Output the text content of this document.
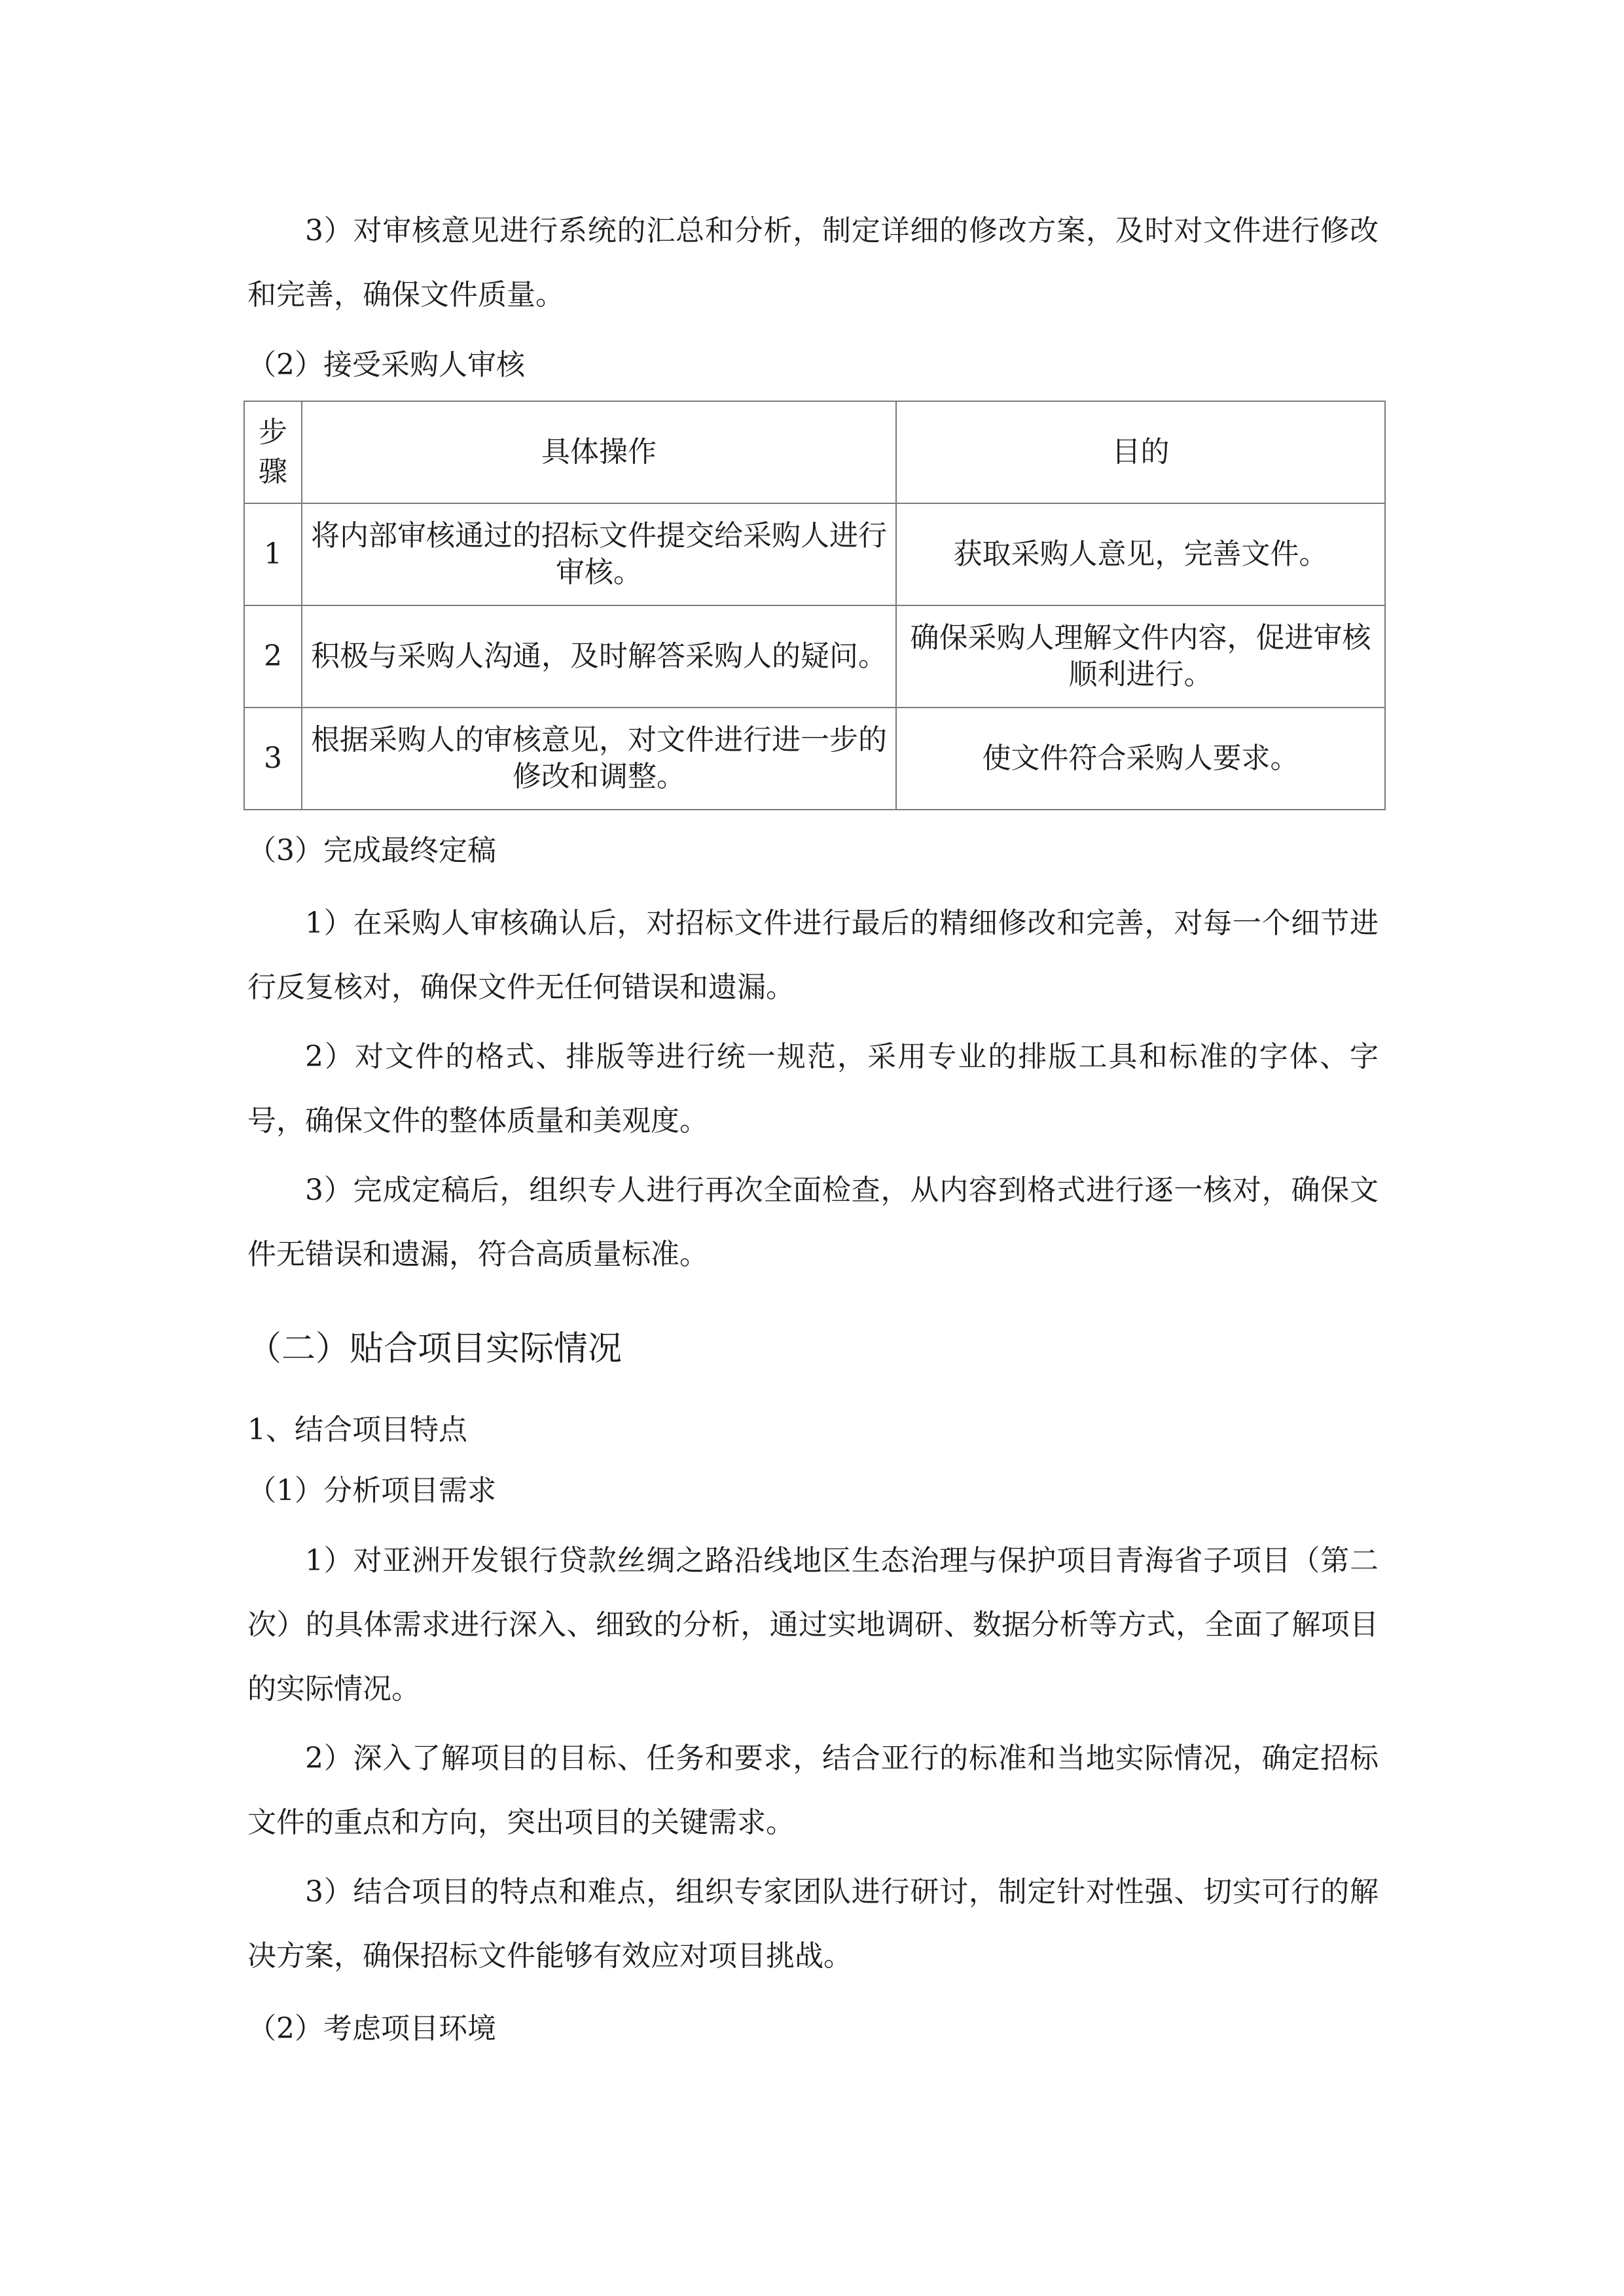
3）对审核意见进行系统的汇总和分析，制定详细的修改方案，及时对文件进行修改和完善，确保文件质量。

（2）接受采购人审核
步骤	具体操作	目的
1	将内部审核通过的招标文件提交给采购人进行审核。	获取采购人意见，完善文件。
2	积极与采购人沟通，及时解答采购人的疑问。	确保采购人理解文件内容，促进审核顺利进行。
3	根据采购人的审核意见，对文件进行进一步的修改和调整。	使文件符合采购人要求。
（3）完成最终定稿

1）在采购人审核确认后，对招标文件进行最后的精细修改和完善，对每一个细节进行反复核对，确保文件无任何错误和遗漏。

2）对文件的格式、排版等进行统一规范，采用专业的排版工具和标准的字体、字号，确保文件的整体质量和美观度。

3）完成定稿后，组织专人进行再次全面检查，从内容到格式进行逐一核对，确保文件无错误和遗漏，符合高质量标准。

（二）贴合项目实际情况
1、结合项目特点
（1）分析项目需求

1）对亚洲开发银行贷款丝绸之路沿线地区生态治理与保护项目青海省子项目（第二次）的具体需求进行深入、细致的分析，通过实地调研、数据分析等方式，全面了解项目的实际情况。

2）深入了解项目的目标、任务和要求，结合亚行的标准和当地实际情况，确定招标文件的重点和方向，突出项目的关键需求。

3）结合项目的特点和难点，组织专家团队进行研讨，制定针对性强、切实可行的解决方案，确保招标文件能够有效应对项目挑战。

（2）考虑项目环境
